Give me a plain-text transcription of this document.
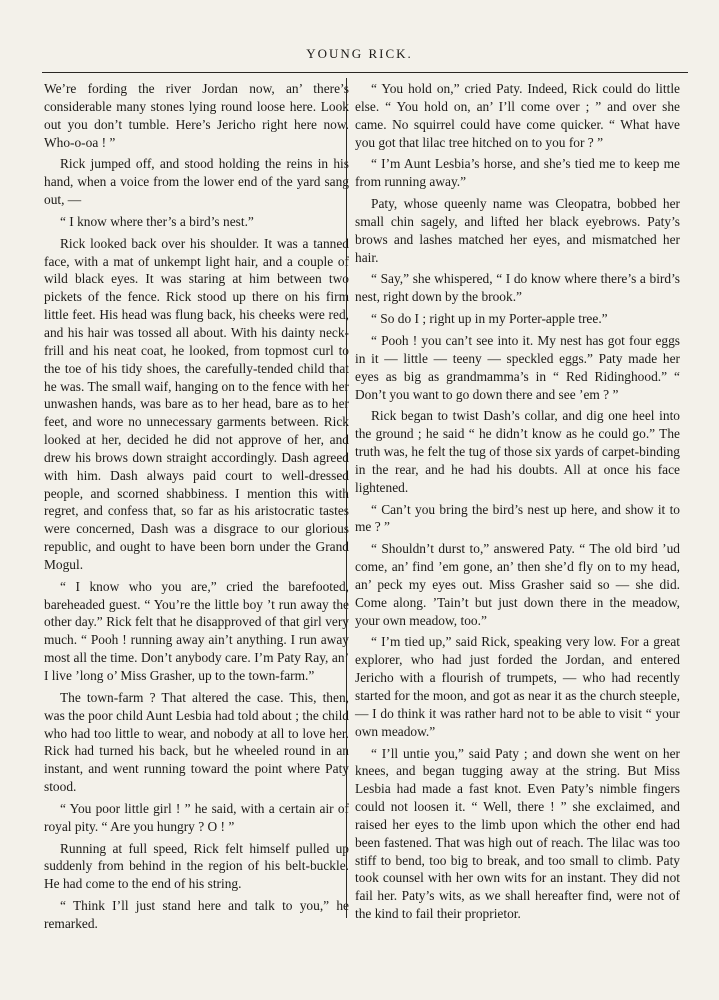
YOUNG RICK.

We’re fording the river Jordan now, an’ there’s considerable many stones lying round loose here. Look out you don’t tumble. Here’s Jericho right here now. Who-o-oa ! ”

Rick jumped off, and stood holding the reins in his hand, when a voice from the lower end of the yard sang out, —

“ I know where ther’s a bird’s nest.”

Rick looked back over his shoulder. It was a tanned face, with a mat of unkempt light hair, and a couple of wild black eyes. It was staring at him between two pickets of the fence. Rick stood up there on his firm little feet. His head was flung back, his cheeks were red, and his hair was tossed all about. With his dainty neck-frill and his neat coat, he looked, from topmost curl to the toe of his tidy shoes, the carefully-tended child that he was. The small waif, hanging on to the fence with her unwashen hands, was bare as to her head, bare as to her feet, and wore no unnecessary garments between. Rick looked at her, decided he did not approve of her, and drew his brows down straight accordingly. Dash agreed with him. Dash always paid court to well-dressed people, and scorned shabbiness. I mention this with regret, and confess that, so far as his aristocratic tastes were concerned, Dash was a disgrace to our glorious republic, and ought to have been born under the Grand Mogul.

“ I know who you are,” cried the barefooted, bareheaded guest. “ You’re the little boy ’t run away the other day.” Rick felt that he disapproved of that girl very much. “ Pooh ! running away ain’t anything. I run away most all the time. Don’t anybody care. I’m Paty Ray, an’ I live ’long o’ Miss Grasher, up to the town-farm.”

The town-farm ? That altered the case. This, then, was the poor child Aunt Lesbia had told about ; the child who had too little to wear, and nobody at all to love her. Rick had turned his back, but he wheeled round in an instant, and went running toward the point where Paty stood.

“ You poor little girl ! ” he said, with a certain air of royal pity. “ Are you hungry ? O ! ”

Running at full speed, Rick felt himself pulled up suddenly from behind in the region of his belt-buckle. He had come to the end of his string.

“ Think I’ll just stand here and talk to you,” he remarked.

“ You hold on,” cried Paty. Indeed, Rick could do little else. “ You hold on, an’ I’ll come over ; ” and over she came. No squirrel could have come quicker. “ What have you got that lilac tree hitched on to you for ? ”

“ I’m Aunt Lesbia’s horse, and she’s tied me to keep me from running away.”

Paty, whose queenly name was Cleopatra, bobbed her small chin sagely, and lifted her black eyebrows. Paty’s brows and lashes matched her eyes, and mismatched her hair.

“ Say,” she whispered, “ I do know where there’s a bird’s nest, right down by the brook.”

“ So do I ; right up in my Porter-apple tree.”

“ Pooh ! you can’t see into it. My nest has got four eggs in it — little — teeny — speckled eggs.” Paty made her eyes as big as grandmamma’s in “ Red Ridinghood.” “ Don’t you want to go down there and see ’em ? ”

Rick began to twist Dash’s collar, and dig one heel into the ground ; he said “ he didn’t know as he could go.” The truth was, he felt the tug of those six yards of carpet-binding in the rear, and he had his doubts. All at once his face lightened.

“ Can’t you bring the bird’s nest up here, and show it to me ? ”

“ Shouldn’t durst to,” answered Paty. “ The old bird ’ud come, an’ find ’em gone, an’ then she’d fly on to my head, an’ peck my eyes out. Miss Grasher said so — she did. Come along. ’Tain’t but just down there in the meadow, your own meadow, too.”

“ I’m tied up,” said Rick, speaking very low. For a great explorer, who had just forded the Jordan, and entered Jericho with a flourish of trumpets, — who had recently started for the moon, and got as near it as the church steeple, — I do think it was rather hard not to be able to visit “ your own meadow.”

“ I’ll untie you,” said Paty ; and down she went on her knees, and began tugging away at the string. But Miss Lesbia had made a fast knot. Even Paty’s nimble fingers could not loosen it. “ Well, there ! ” she exclaimed, and raised her eyes to the limb upon which the other end had been fastened. That was high out of reach. The lilac was too stiff to bend, too big to break, and too small to climb. Paty took counsel with her own wits for an instant. They did not fail her. Paty’s wits, as we shall hereafter find, were not of the kind to fail their proprietor.
